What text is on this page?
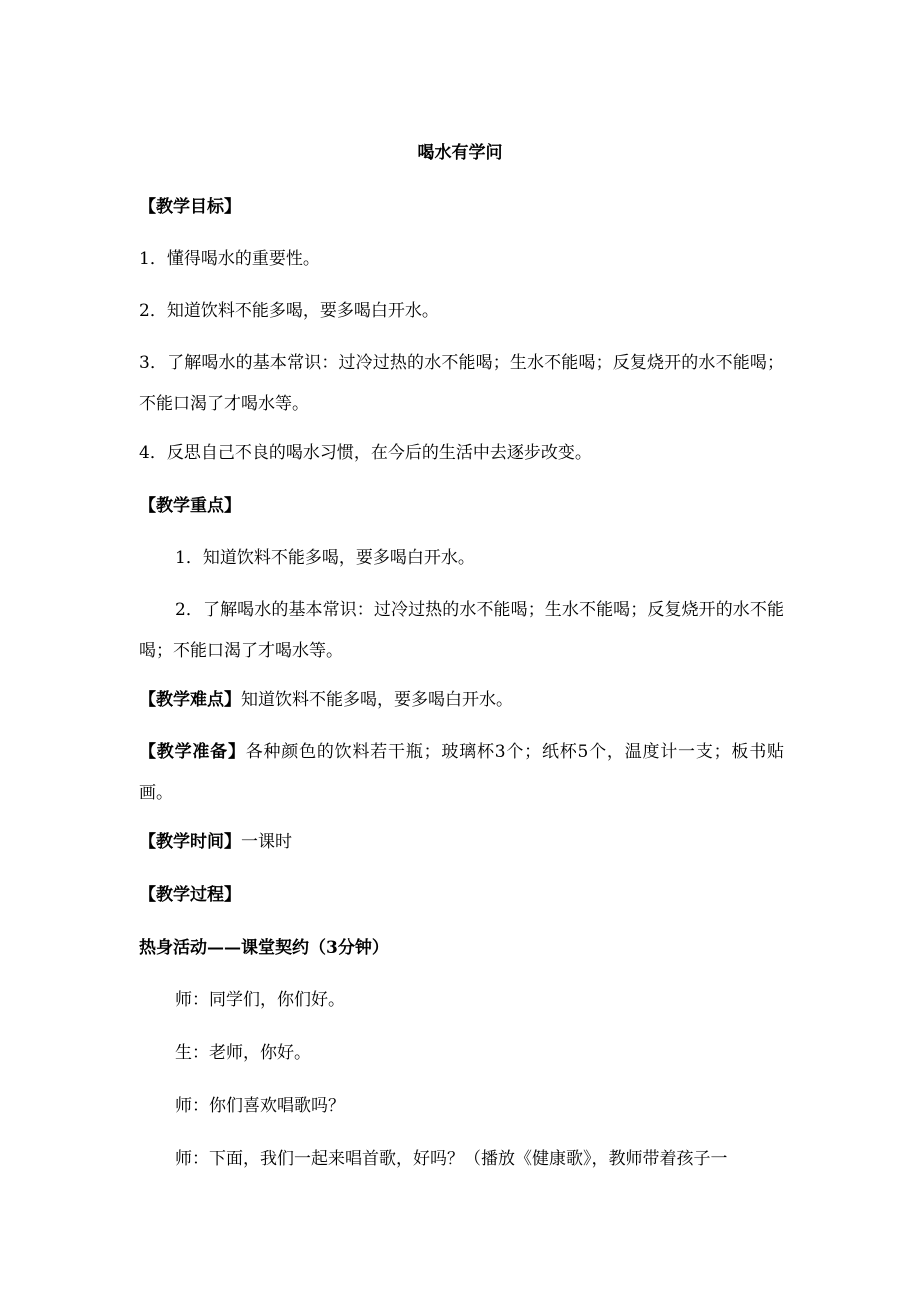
喝水有学问
【教学目标】
1．懂得喝水的重要性。
2．知道饮料不能多喝，要多喝白开水。
3．了解喝水的基本常识：过冷过热的水不能喝；生水不能喝；反复烧开的水不能喝；不能口渴了才喝水等。
4．反思自己不良的喝水习惯，在今后的生活中去逐步改变。
【教学重点】
1．知道饮料不能多喝，要多喝白开水。
2．了解喝水的基本常识：过冷过热的水不能喝；生水不能喝；反复烧开的水不能喝；不能口渴了才喝水等。
【教学难点】知道饮料不能多喝，要多喝白开水。
【教学准备】各种颜色的饮料若干瓶；玻璃杯3个；纸杯5个，温度计一支；板书贴画。
【教学时间】一课时
【教学过程】
热身活动——课堂契约（3分钟）
师：同学们，你们好。
生：老师，你好。
师：你们喜欢唱歌吗？
师：下面，我们一起来唱首歌，好吗？（播放《健康歌》，教师带着孩子一
